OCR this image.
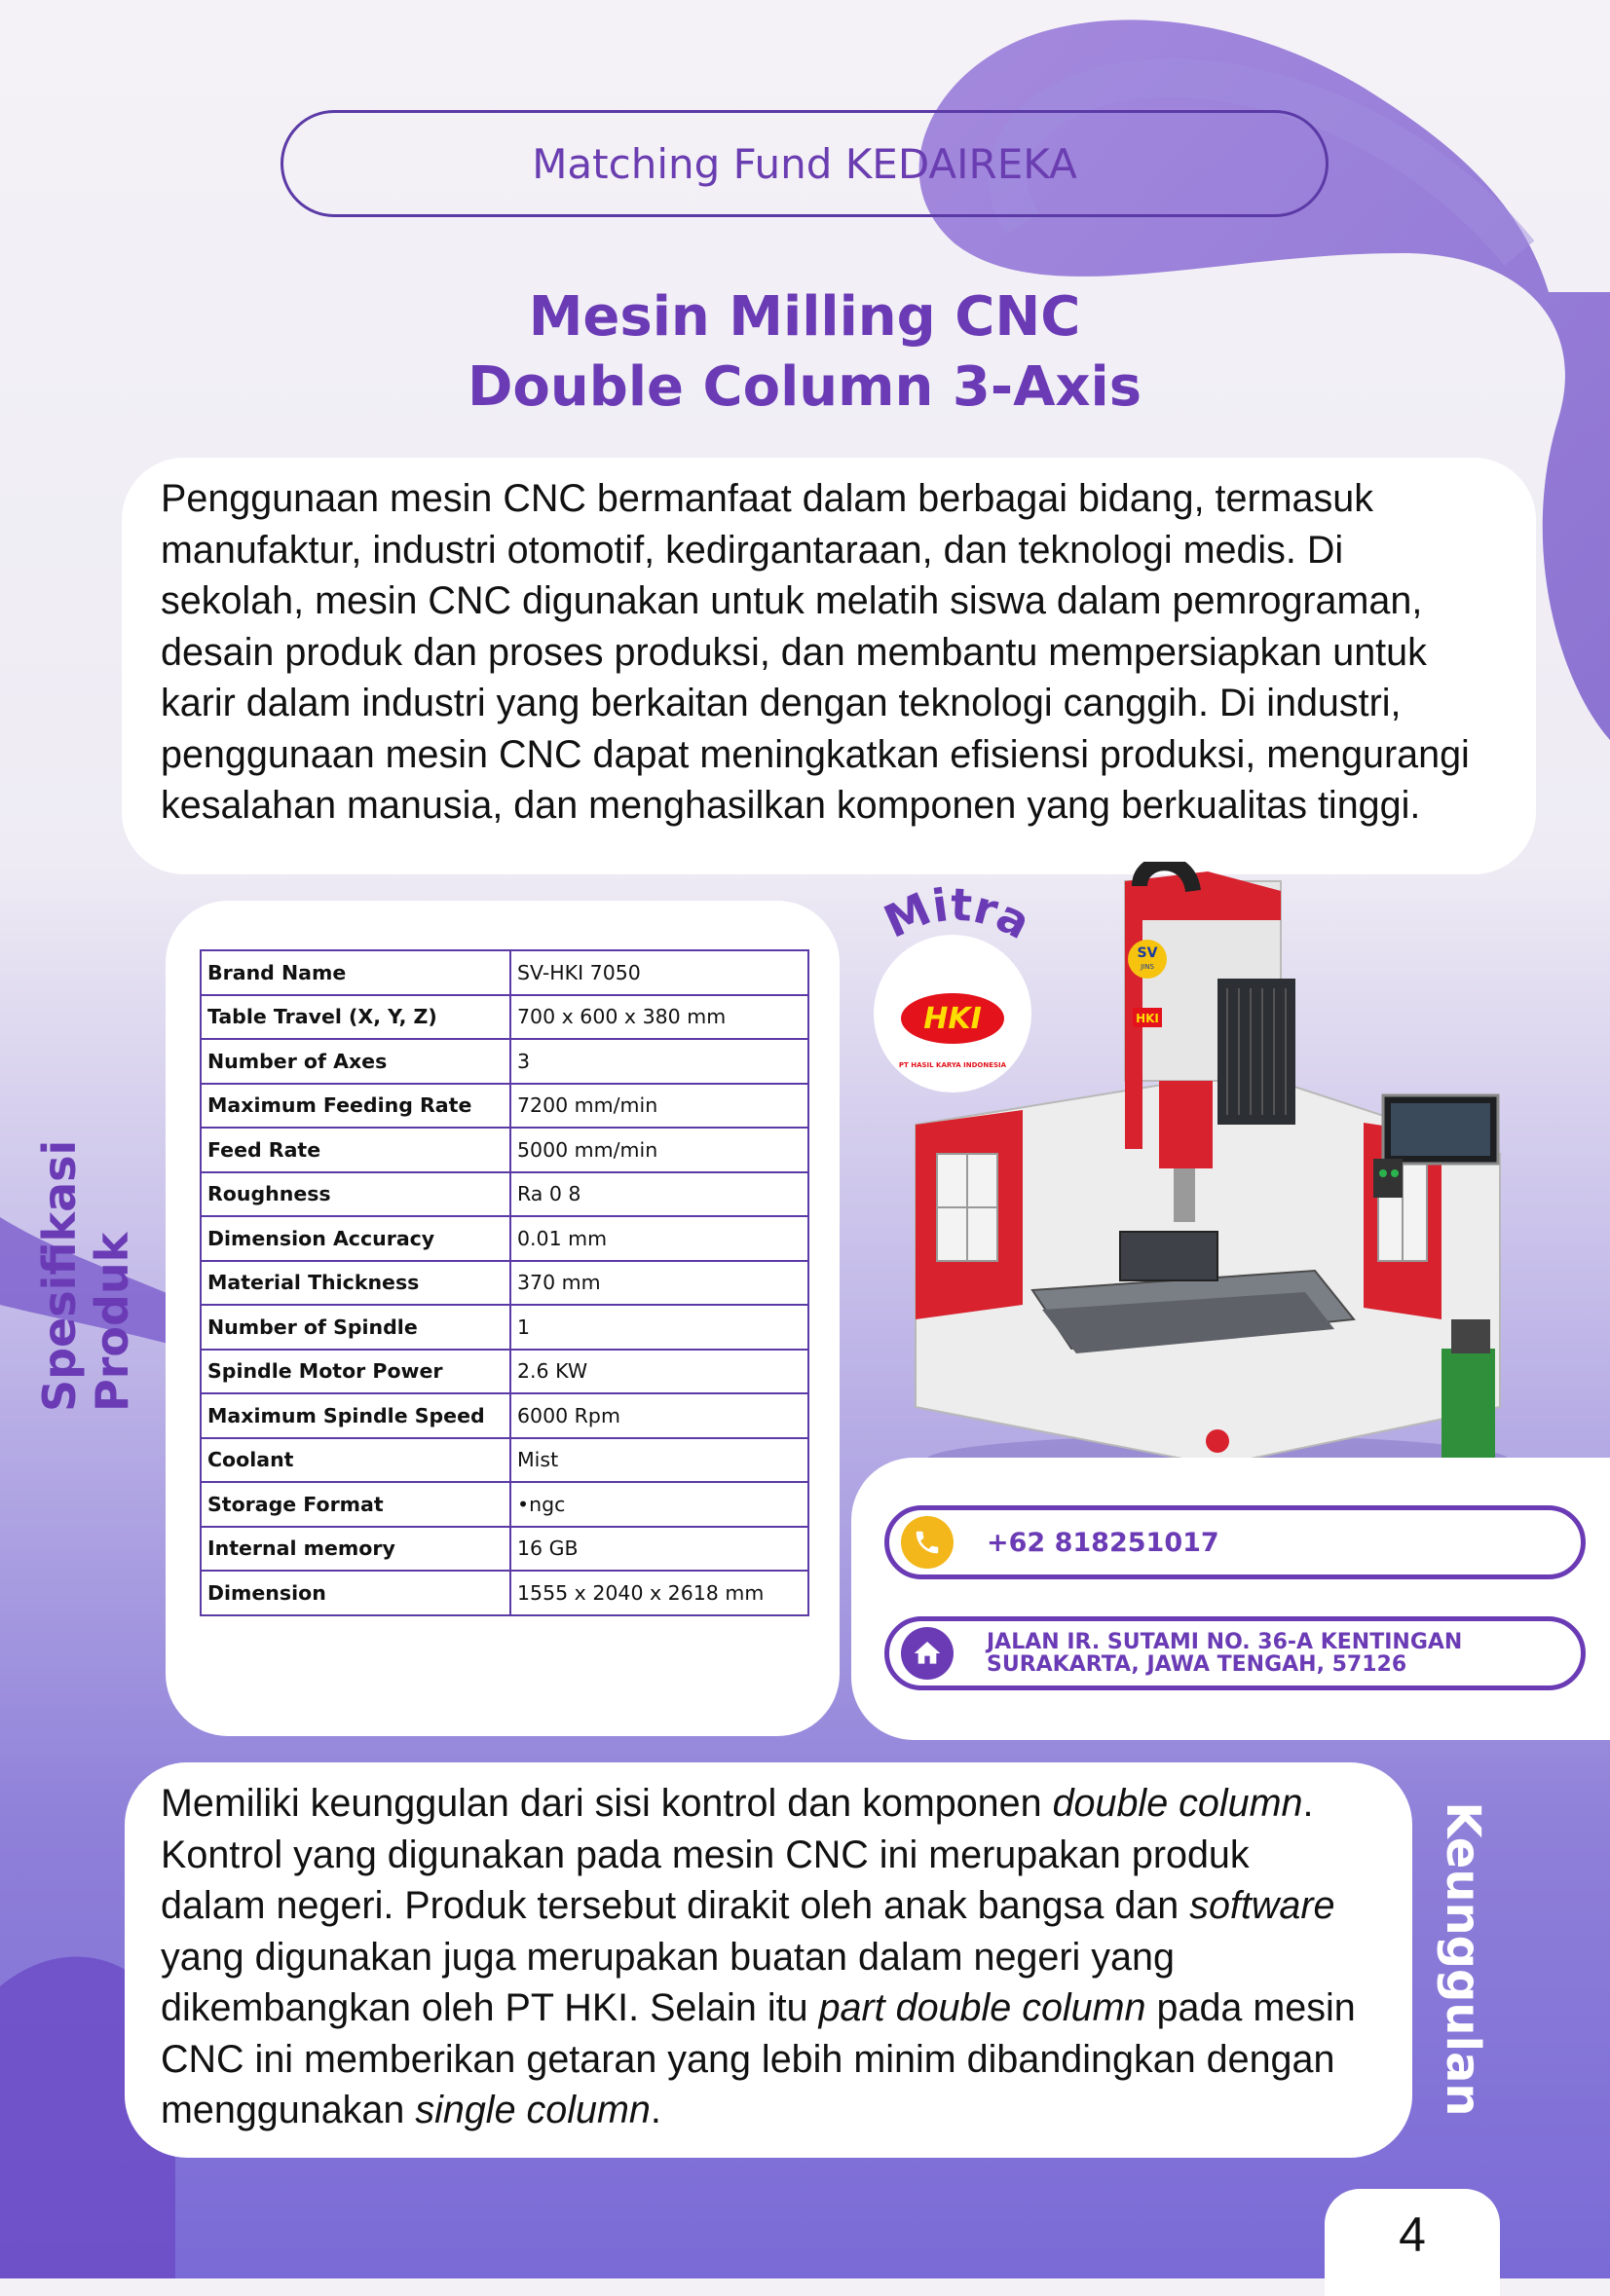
Matching Fund KEDAIREKA
Mesin Milling CNC
Double Column 3-Axis
Penggunaan mesin CNC bermanfaat dalam berbagai bidang, termasuk
manufaktur, industri otomotif, kedirgantaraan, dan teknologi medis. Di
sekolah, mesin CNC digunakan untuk melatih siswa dalam pemrograman,
desain produk dan proses produksi, dan membantu mempersiapkan untuk
karir dalam industri yang berkaitan dengan teknologi canggih. Di industri,
penggunaan mesin CNC dapat meningkatkan efisiensi produksi, mengurangi
kesalahan manusia, dan menghasilkan komponen yang berkualitas tinggi.
Spesifikasi Produk
Brand Name	SV-HKI 7050
Table Travel (X, Y, Z)	700 x 600 x 380 mm
Number of Axes	3
Maximum Feeding Rate	7200 mm/min
Feed Rate	5000 mm/min
Roughness	Ra 0 8
Dimension Accuracy	0.01 mm
Material Thickness	370 mm
Number of Spindle	1
Spindle Motor Power	2.6 KW
Maximum Spindle Speed	6000 Rpm
Coolant	Mist
Storage Format	•ngc
Internal memory	16 GB
Dimension	1555 x 2040 x 2618 mm
Mitra
HKI
PT HASIL KARYA INDONESIA
SV
JINS
HKI
+62 818251017
JALAN IR. SUTAMI NO. 36-A KENTINGAN
SURAKARTA, JAWA TENGAH, 57126
Memiliki keunggulan dari sisi kontrol dan komponen double column.
Kontrol yang digunakan pada mesin CNC ini merupakan produk
dalam negeri. Produk tersebut dirakit oleh anak bangsa dan software
yang digunakan juga merupakan buatan dalam negeri yang
dikembangkan oleh PT HKI. Selain itu part double column pada mesin
CNC ini memberikan getaran yang lebih minim dibandingkan dengan
menggunakan single column.	Keunggulan
4
